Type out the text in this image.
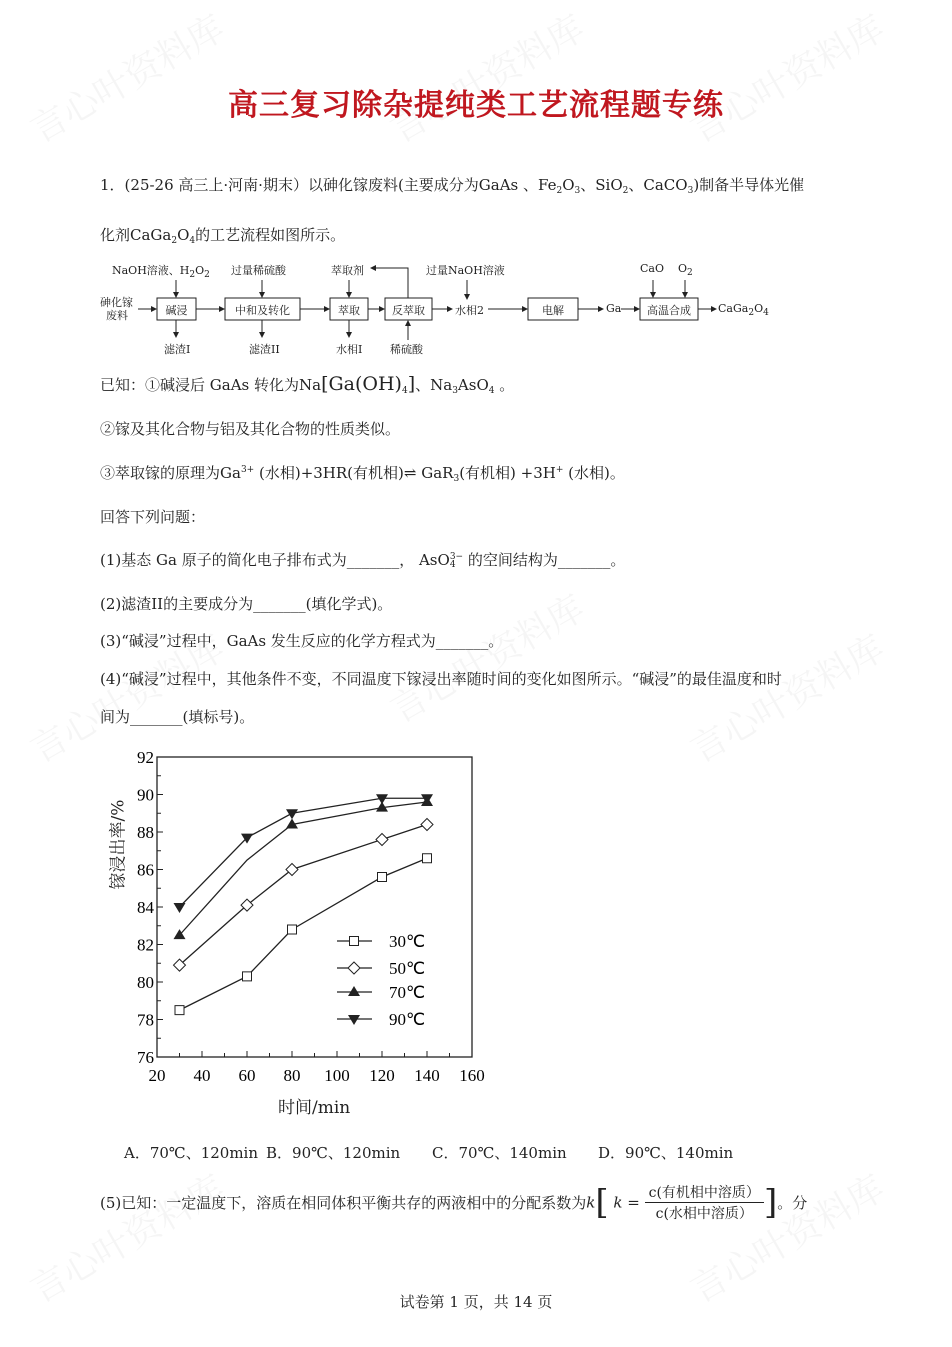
高三复习除杂提纯类工艺流程题专练
1．(25-26 高三上·河南·期末）以砷化镓废料(主要成分为GaAs 、$Fe_2O_3$、SiO$_2$、CaCO$_3$)制备半导体光催
化剂$CaGa_2O_4$的工艺流程如图所示。
砷化镓
废料
NaOH溶液、$H_2O_2$ 过量稀硫酸	萃取剂	过量NaOH溶液	CaO $O_2$
碱浸	中和及转化	萃取	反萃取	电解	高温合成
水相2	Ga	$CaGa_2O_4$
滤渣I	滤渣II	水相I	稀硫酸
已知：①碱浸后 GaAs 转化为$Na[Ga(OH)_4]$、$Na_3AsO_4$ 。
②镓及其化合物与铝及其化合物的性质类似。
③萃取镓的原理为$Ga^{3+}$ (水相)+3HR(有机相)⇌ GaR$_3$(有机相) +3H+ (水相)。
回答下列问题：
(1)基态 Ga 原子的简化电子排布式为_______， AsO 3−
4 的空间结构为_______。
(2)滤渣II的主要成分为_______(填化学式)。
(3)“碱浸”过程中，GaAs 发生反应的化学方程式为_______。
(4)“碱浸”过程中，其他条件不变，不同温度下镓浸出率随时间的变化如图所示。“碱浸”的最佳温度和时
间为_______(填标号)。
20 40 60 80 100 120 140 160
76
78
80
82
84
86
88
90
92
30℃
50℃
70℃
90℃
时间/min
镓浸出率/%
A．70℃、120min B．90℃、120min C．70℃、140min D．90℃、140min
(5)已知：一定温度下，溶质在相同体积平衡共存的两液相中的分配系数为k[ $k = \frac{\text{c(有机相中溶质）}}{\text{c(水相中溶质）}}$ ]。分
试卷第 1 页，共 14 页
